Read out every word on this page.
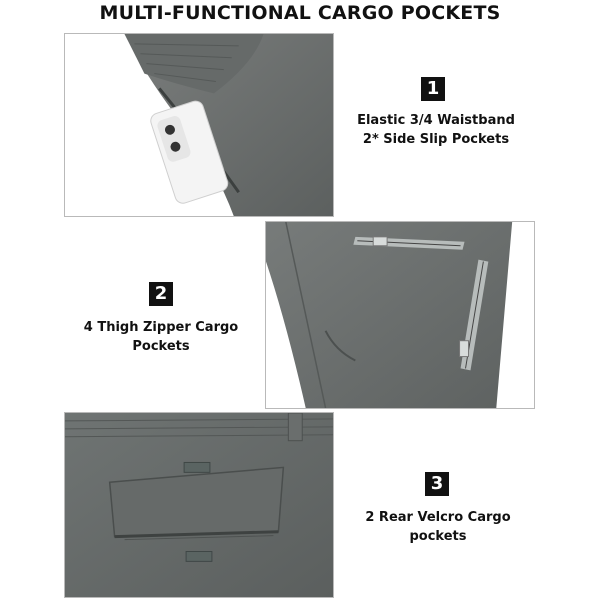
MULTI-FUNCTIONAL CARGO POCKETS
1
Elastic 3/4 Waistband
2* Side Slip Pockets
2
4 Thigh Zipper Cargo
Pockets
3
2 Rear Velcro Cargo
pockets
